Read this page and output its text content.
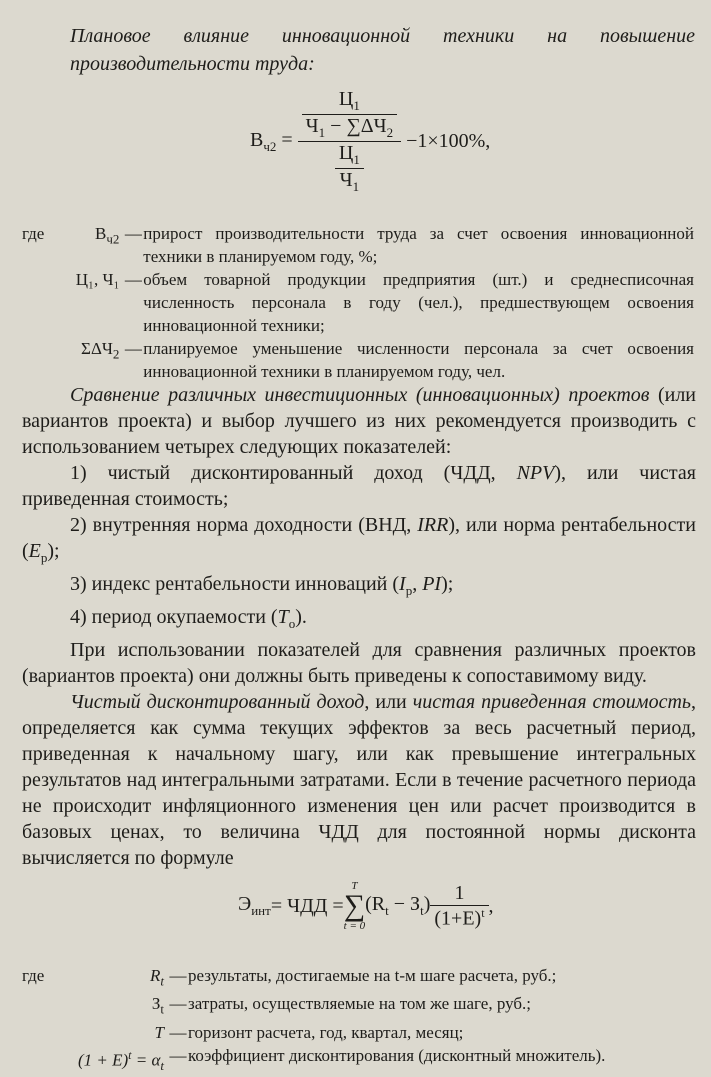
Плановое влияние инновационной техники на повышение производительности труда:
$В_{ч2} = \frac{\frac{Ц_1}{Ч_1 - \sum\Delta Ч_2}}{\frac{Ц_1}{Ч_1}} -1\times 100\%$,
где	$В_{ч2}$ — прирост производительности труда за счет освоения инновационной техники в планируемом году, %;
Ц₁, Ч₁ — объем товарной продукции предприятия (шт.) и среднесписочная численность персонала в году (чел.), предшествующем освоения инновационной техники;
$\Sigma\Delta Ч_2$ — планируемое уменьшение численности персонала за счет освоения инновационной техники в планируемом году, чел.

Сравнение различных инвестиционных (инновационных) проектов (или вариантов проекта) и выбор лучшего из них рекомендуется производить с использованием четырех следующих показателей:

1) чистый дисконтированный доход (ЧДД, NPV), или чистая приведенная стоимость;

2) внутренняя норма доходности (ВНД, IRR), или норма рентабельности $(E_p)$;

3) индекс рентабельности инноваций ($I_p$, PI);

4) период окупаемости $(T_o)$.

При использовании показателей для сравнения различных проектов (вариантов проекта) они должны быть приведены к сопоставимому виду.

Чистый дисконтированный доход, или чистая приведенная стоимость, определяется как сумма текущих эффектов за весь расчетный период, приведенная к начальному шагу, или как превышение интегральных результатов над интегральными затратами. Если в течение расчетного периода не происходит инфляционного изменения цен или расчет производится в базовых ценах, то величина ЧДД для постоянной нормы дисконта вычисляется по формуле

$Э_{инт}$ = ЧДД =
T
∑
t = 0
$(R_t - З_t) \frac{1}{(1+E)^t}$ ,
где	$R_t$ — результаты, достигаемые на t-м шаге расчета, руб.;
$З_t$ — затраты, осуществляемые на том же шаге, руб.;
T — горизонт расчета, год, квартал, месяц;
$(1 + E)^t = \alpha_t$
— коэффициент дисконтирования (дисконтный множитель).
